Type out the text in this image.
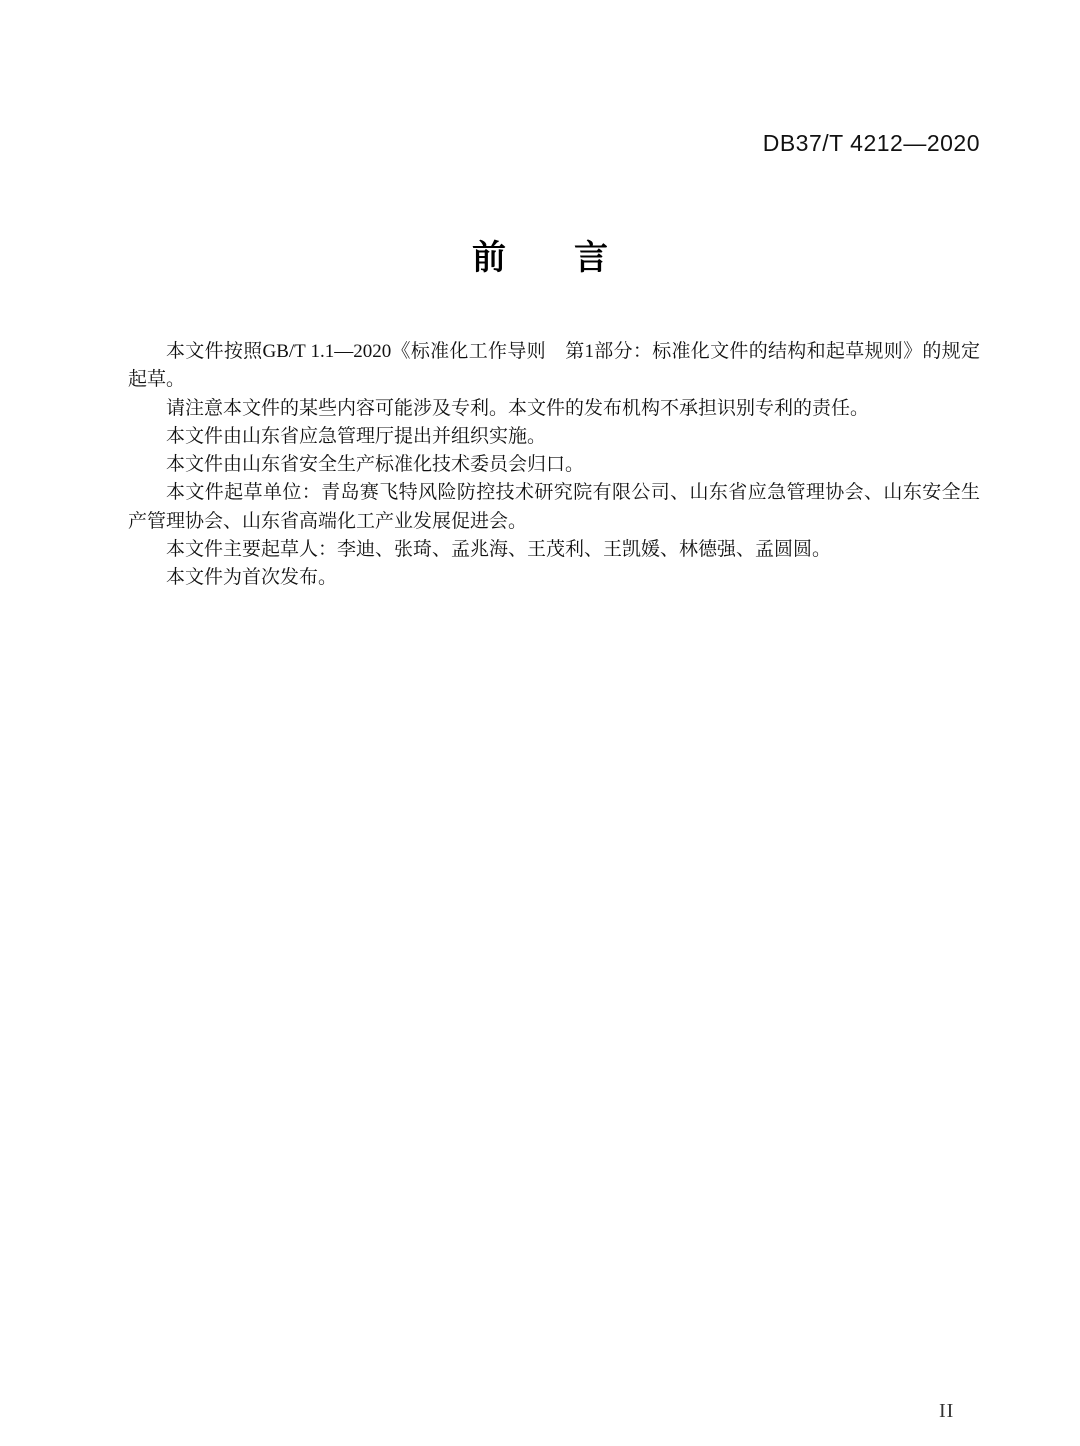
DB37/T 4212—2020
前　　言

本文件按照GB/T 1.1—2020《标准化工作导则　第1部分：标准化文件的结构和起草规则》的规定起草。

请注意本文件的某些内容可能涉及专利。本文件的发布机构不承担识别专利的责任。

本文件由山东省应急管理厅提出并组织实施。

本文件由山东省安全生产标准化技术委员会归口。

本文件起草单位：青岛赛飞特风险防控技术研究院有限公司、山东省应急管理协会、山东安全生产管理协会、山东省高端化工产业发展促进会。

本文件主要起草人：李迪、张琦、孟兆海、王茂利、王凯媛、林德强、孟圆圆。

本文件为首次发布。

II
